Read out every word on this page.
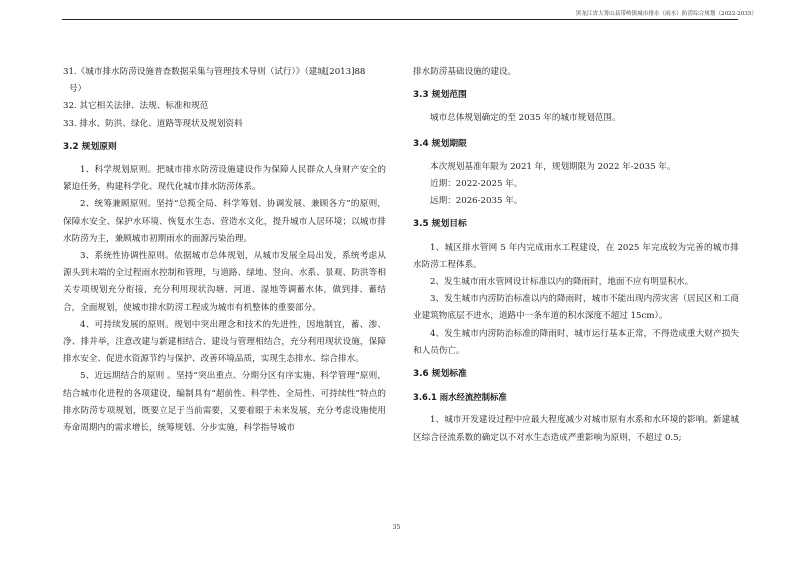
黑龙江省大箐山县带岭镇城市排水（雨水）防涝综合规划（2022-2035）

31.《城市排水防涝设施普查数据采集与管理技术导则（试行）》（建城[2013]88

号）

32. 其它相关法律、法规、标准和规范

33. 排水、防洪、绿化、道路等现状及规划资料

3.2 规划原则

1、科学规划原则。把城市排水防涝设施建设作为保障人民群众人身财产安全的紧迫任务，构建科学化、现代化城市排水防涝体系。

2、统筹兼顾原则。坚持“总揽全局、科学筹划、协调发展、兼顾各方”的原则，保障水安全、保护水环境、恢复水生态、营造水文化，提升城市人居环境；以城市排水防涝为主，兼顾城市初期雨水的面源污染治理。

3、系统性协调性原则。依据城市总体规划，从城市发展全局出发，系统考虑从源头到末端的全过程雨水控制和管理，与道路、绿地、竖向、水系、景观、防洪等相关专项规划充分衔接，充分利用现状沟塘、河道、湿地等调蓄水体，做到排、蓄结合，全面规划，使城市排水防涝工程成为城市有机整体的重要部分。

4、可持续发展的原则。规划中突出理念和技术的先进性，因地制宜，蓄、渗、净、排并举，注意改建与新建相结合、建设与管理相结合，充分利用现状设施，保障排水安全、促进水资源节约与保护、改善环境品质，实现生态排水、综合排水。

5、近远期结合的原则 。坚持“突出重点、分期分区有序实施、科学管理”原则，结合城市化进程的各项建设，编制具有“超前性、科学性、全局性、可持续性”特点的排水防涝专项规划，既要立足于当前需要，又要着眼于未来发展，充分考虑设施使用寿命周期内的需求增长，统筹规划、分步实施，科学指导城市

排水防涝基础设施的建设。

3.3 规划范围

城市总体规划确定的至 2035 年的城市规划范围。

3.4 规划期限

本次规划基准年限为 2021 年，规划期限为 2022 年-2035 年。

近期：2022-2025 年。

远期：2026-2035 年。

3.5 规划目标

1、城区排水管网 5 年内完成雨水工程建设，在 2025 年完成较为完善的城市排水防涝工程体系。

2、发生城市雨水管网设计标准以内的降雨时，地面不应有明显积水。

3、发生城市内涝防治标准以内的降雨时，城市不能出现内涝灾害（居民区和工商业建筑物底层不进水，道路中一条车道的积水深度不超过 15cm）。

4、发生城市内涝防治标准的降雨时，城市运行基本正常，不得造成重大财产损失和人员伤亡。

3.6 规划标准
3.6.1 雨水经流控制标准

1、城市开发建设过程中应最大程度减少对城市原有水系和水环境的影响。新建城区综合径流系数的确定以不对水生态造成严重影响为原则，不超过 0.5;

35
